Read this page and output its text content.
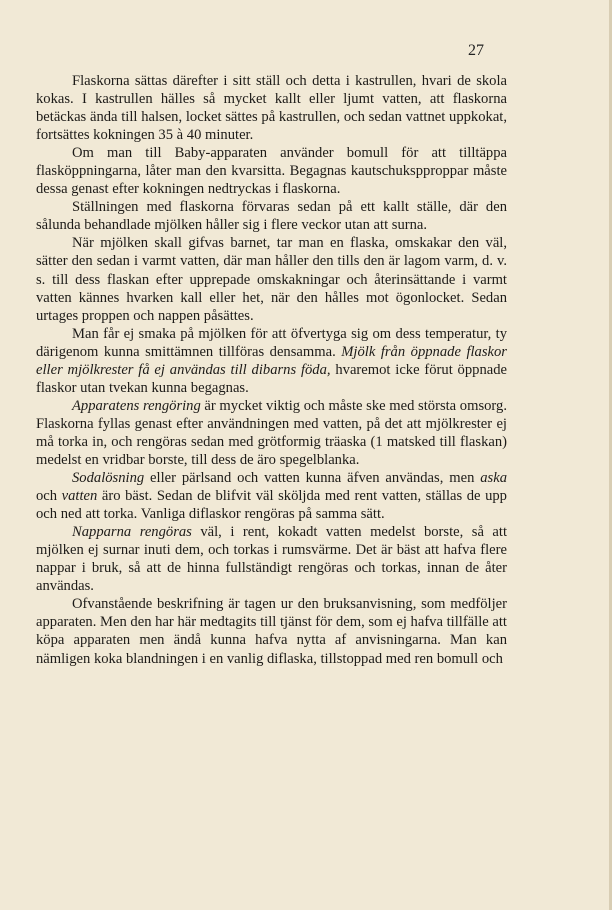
27

Flaskorna sättas därefter i sitt ställ och detta i kastrullen, hvari de skola kokas. I kastrullen hälles så mycket kallt eller ljumt vatten, att flaskorna betäckas ända till halsen, locket sättes på kastrullen, och sedan vattnet uppkokat, fortsättes kokningen 35 à 40 minuter.

Om man till Baby-apparaten använder bomull för att tilltäppa flasköppningarna, låter man den kvarsitta. Begagnas kautschukspproppar måste dessa genast efter kokningen nedtryckas i flaskorna.

Ställningen med flaskorna förvaras sedan på ett kallt ställe, där den sålunda behandlade mjölken håller sig i flere veckor utan att surna.

När mjölken skall gifvas barnet, tar man en flaska, omskakar den väl, sätter den sedan i varmt vatten, där man håller den tills den är lagom varm, d. v. s. till dess flaskan efter upprepade omskakningar och återinsättande i varmt vatten kännes hvarken kall eller het, när den hålles mot ögonlocket. Sedan urtages proppen och nappen påsättes.

Man får ej smaka på mjölken för att öfvertyga sig om dess temperatur, ty därigenom kunna smittämnen tillföras densamma. Mjölk från öppnade flaskor eller mjölkrester få ej användas till dibarns föda, hvaremot icke förut öppnade flaskor utan tvekan kunna begagnas.

Apparatens rengöring är mycket viktig och måste ske med största omsorg. Flaskorna fyllas genast efter användningen med vatten, på det att mjölkrester ej må torka in, och rengöras sedan med grötformig träaska (1 matsked till flaskan) medelst en vridbar borste, till dess de äro spegelblanka.

Sodalösning eller pärlsand och vatten kunna äfven användas, men aska och vatten äro bäst. Sedan de blifvit väl sköljda med rent vatten, ställas de upp och ned att torka. Vanliga diflaskor rengöras på samma sätt.

Napparna rengöras väl, i rent, kokadt vatten medelst borste, så att mjölken ej surnar inuti dem, och torkas i rumsvärme. Det är bäst att hafva flere nappar i bruk, så att de hinna fullständigt rengöras och torkas, innan de åter användas.

Ofvanstående beskrifning är tagen ur den bruksanvisning, som medföljer apparaten. Men den har här medtagits till tjänst för dem, som ej hafva tillfälle att köpa apparaten men ändå kunna hafva nytta af anvisningarna. Man kan nämligen koka blandningen i en vanlig diflaska, tillstoppad med ren bomull och
